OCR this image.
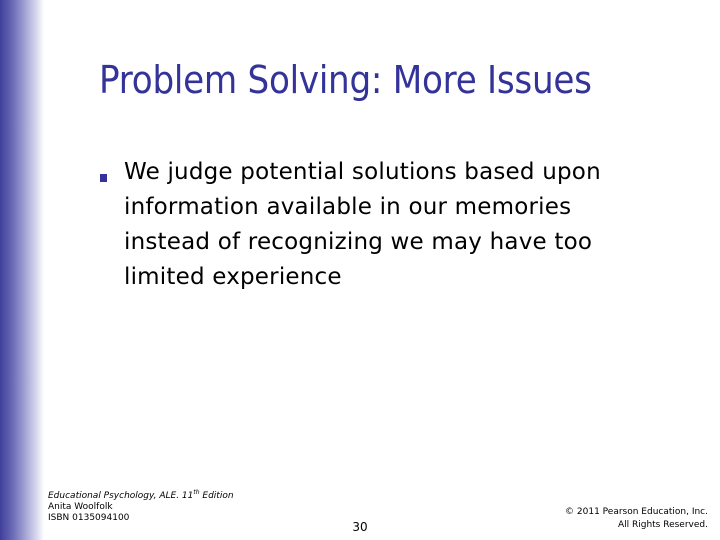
Problem Solving: More Issues
We judge potential solutions based upon information available in our memories instead of recognizing we may have too limited experience
Educational Psychology, ALE. 11th Edition
Anita Woolfolk
ISBN 0135094100
30
© 2011 Pearson Education, Inc.
All Rights Reserved.
